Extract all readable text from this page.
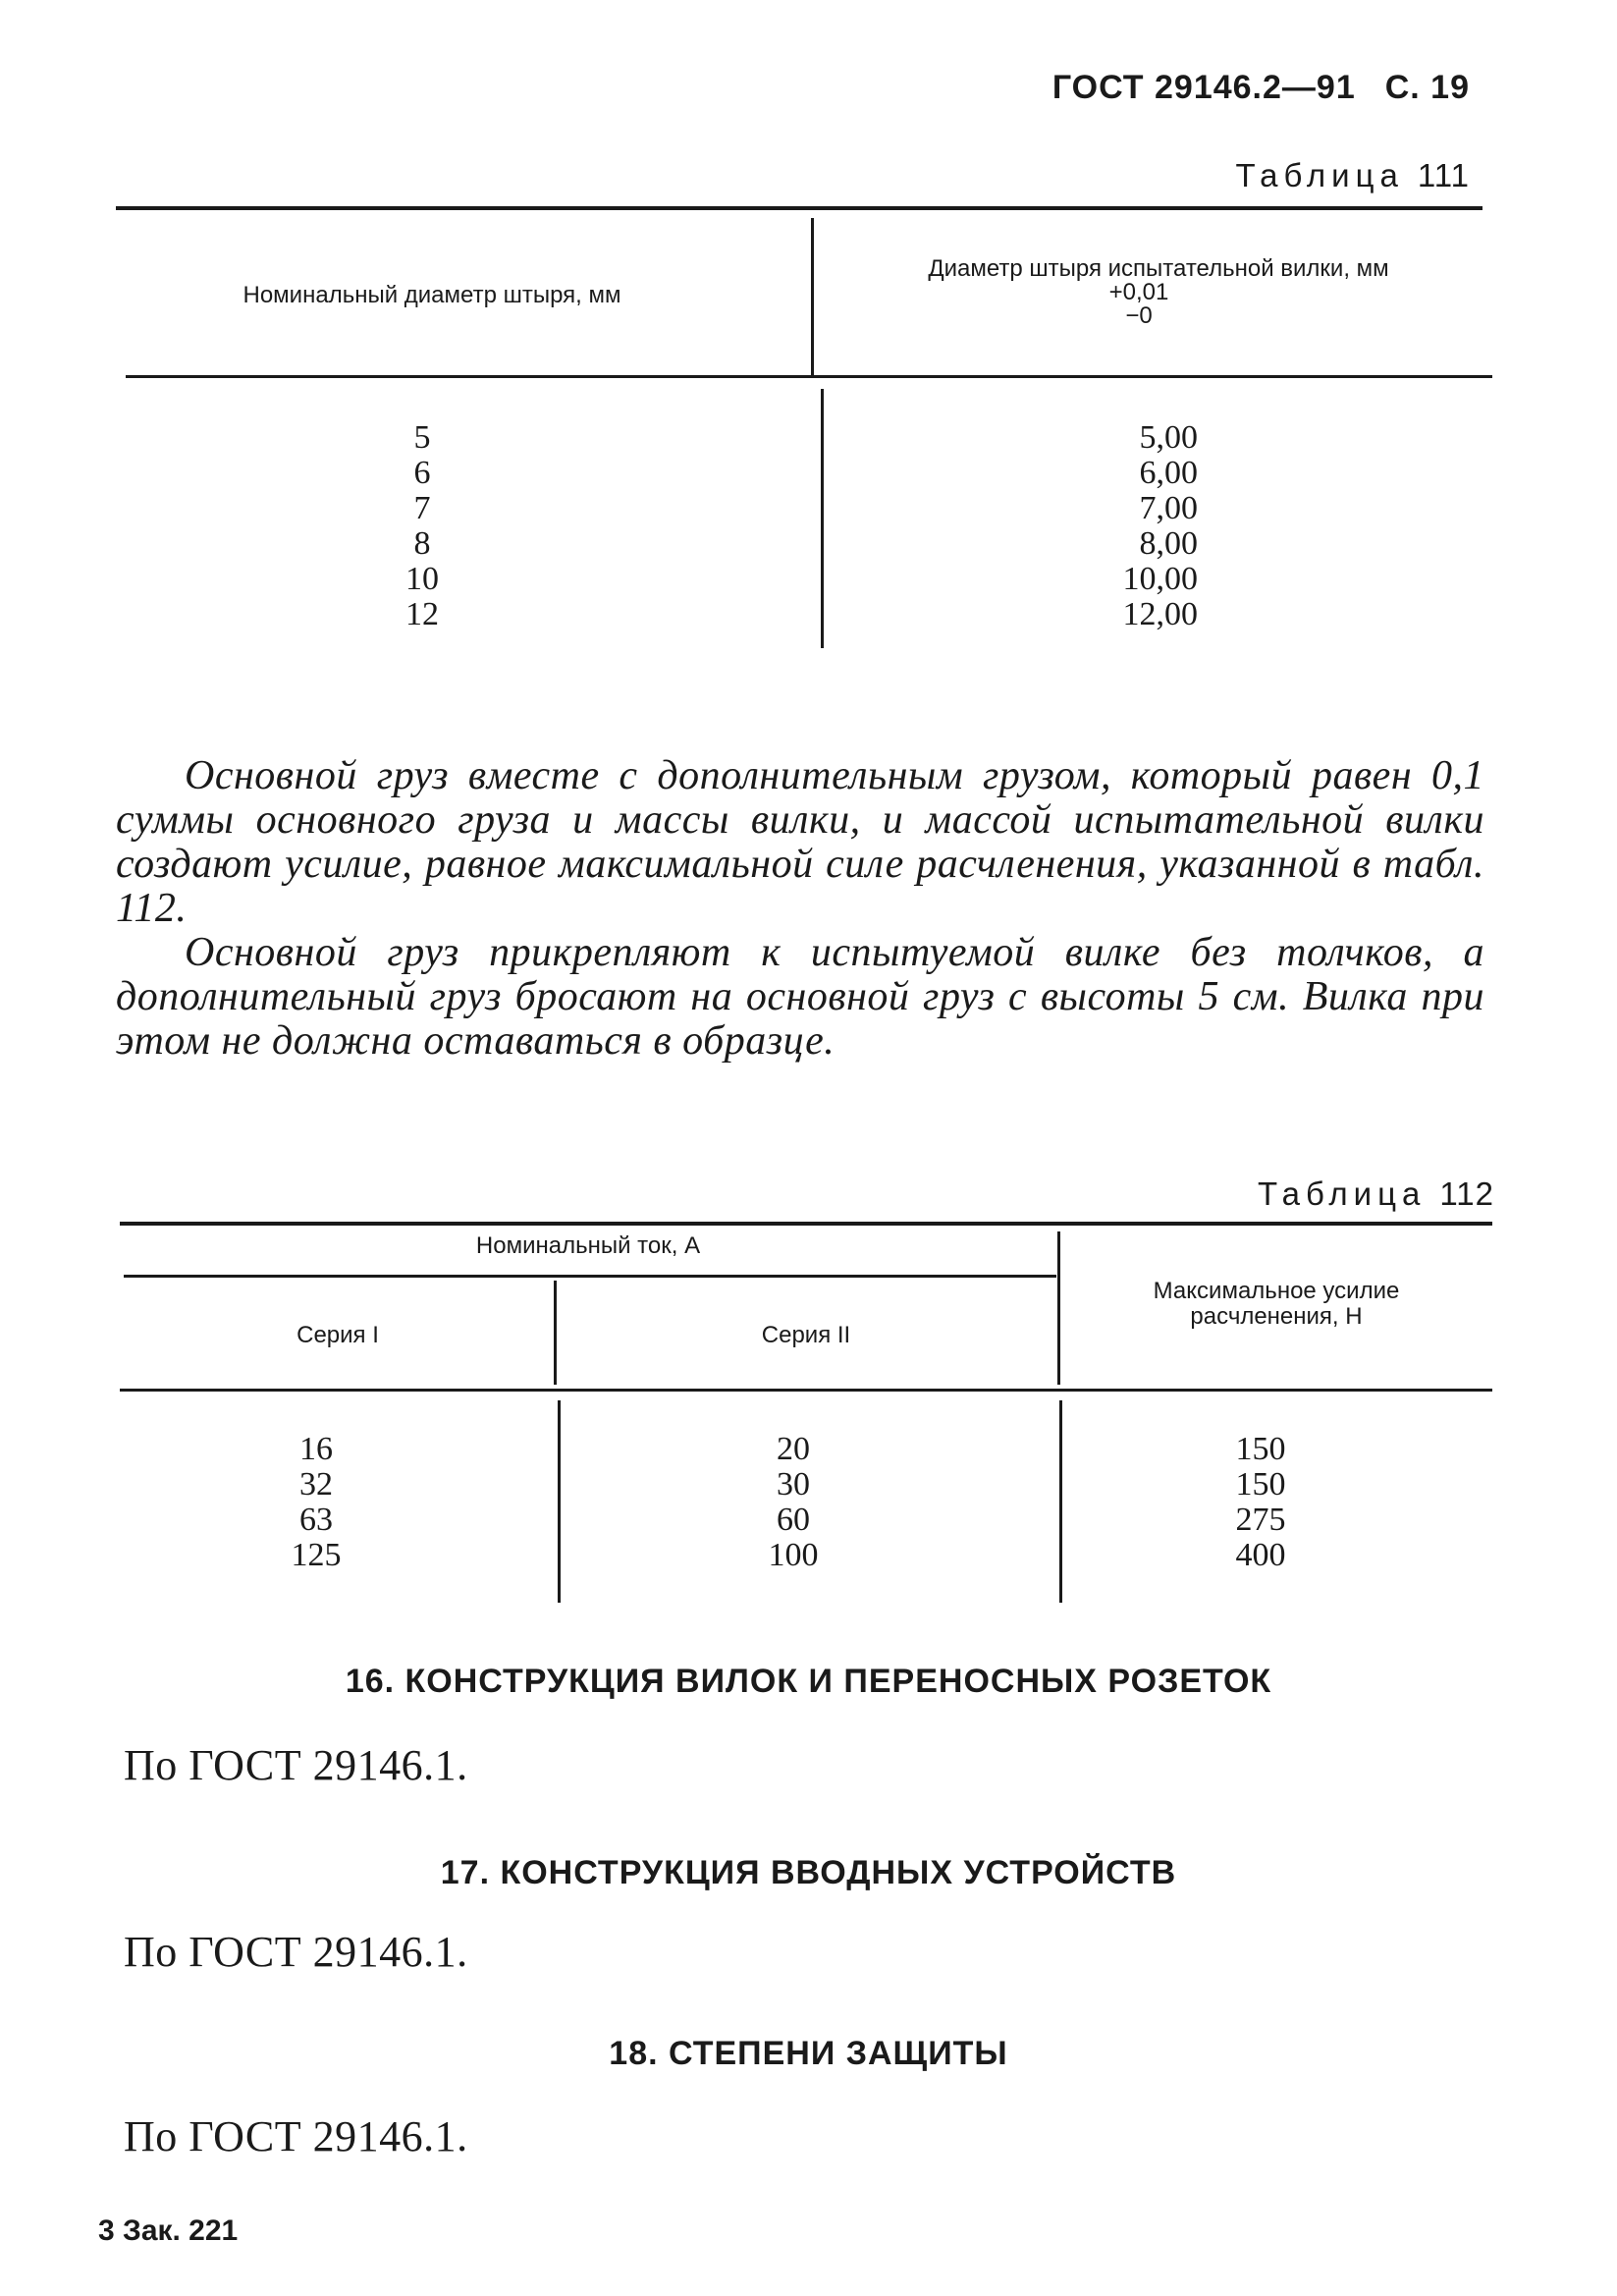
ГОСТ 29146.2—91 С. 19
Таблица 111
Номинальный диаметр штыря, мм
Диаметр штыря испытательной вилки, мм
+0,01
−0
5
6
7
8
10
12
5,00
6,00
7,00
8,00
10,00
12,00

Основной груз вместе с дополнительным грузом, который равен 0,1 суммы основного груза и массы вилки, и массой испытательной вилки создают усилие, равное максимальной силе расчленения, указанной в табл. 112.

Основной груз прикрепляют к испытуемой вилке без толчков, а дополнительный груз бросают на основной груз с высоты 5 см. Вилка при этом не должна оставаться в образце.

Таблица 112
Номинальный ток, А
Серия I	Серия II
Максимальное усилие
расчленения, Н
16
32
63
125
20
30
60
100
150
150
275
400
16. КОНСТРУКЦИЯ ВИЛОК И ПЕРЕНОСНЫХ РОЗЕТОК
По ГОСТ 29146.1.
17. КОНСТРУКЦИЯ ВВОДНЫХ УСТРОЙСТВ
По ГОСТ 29146.1.
18. СТЕПЕНИ ЗАЩИТЫ
По ГОСТ 29146.1.
3 Зак. 221
